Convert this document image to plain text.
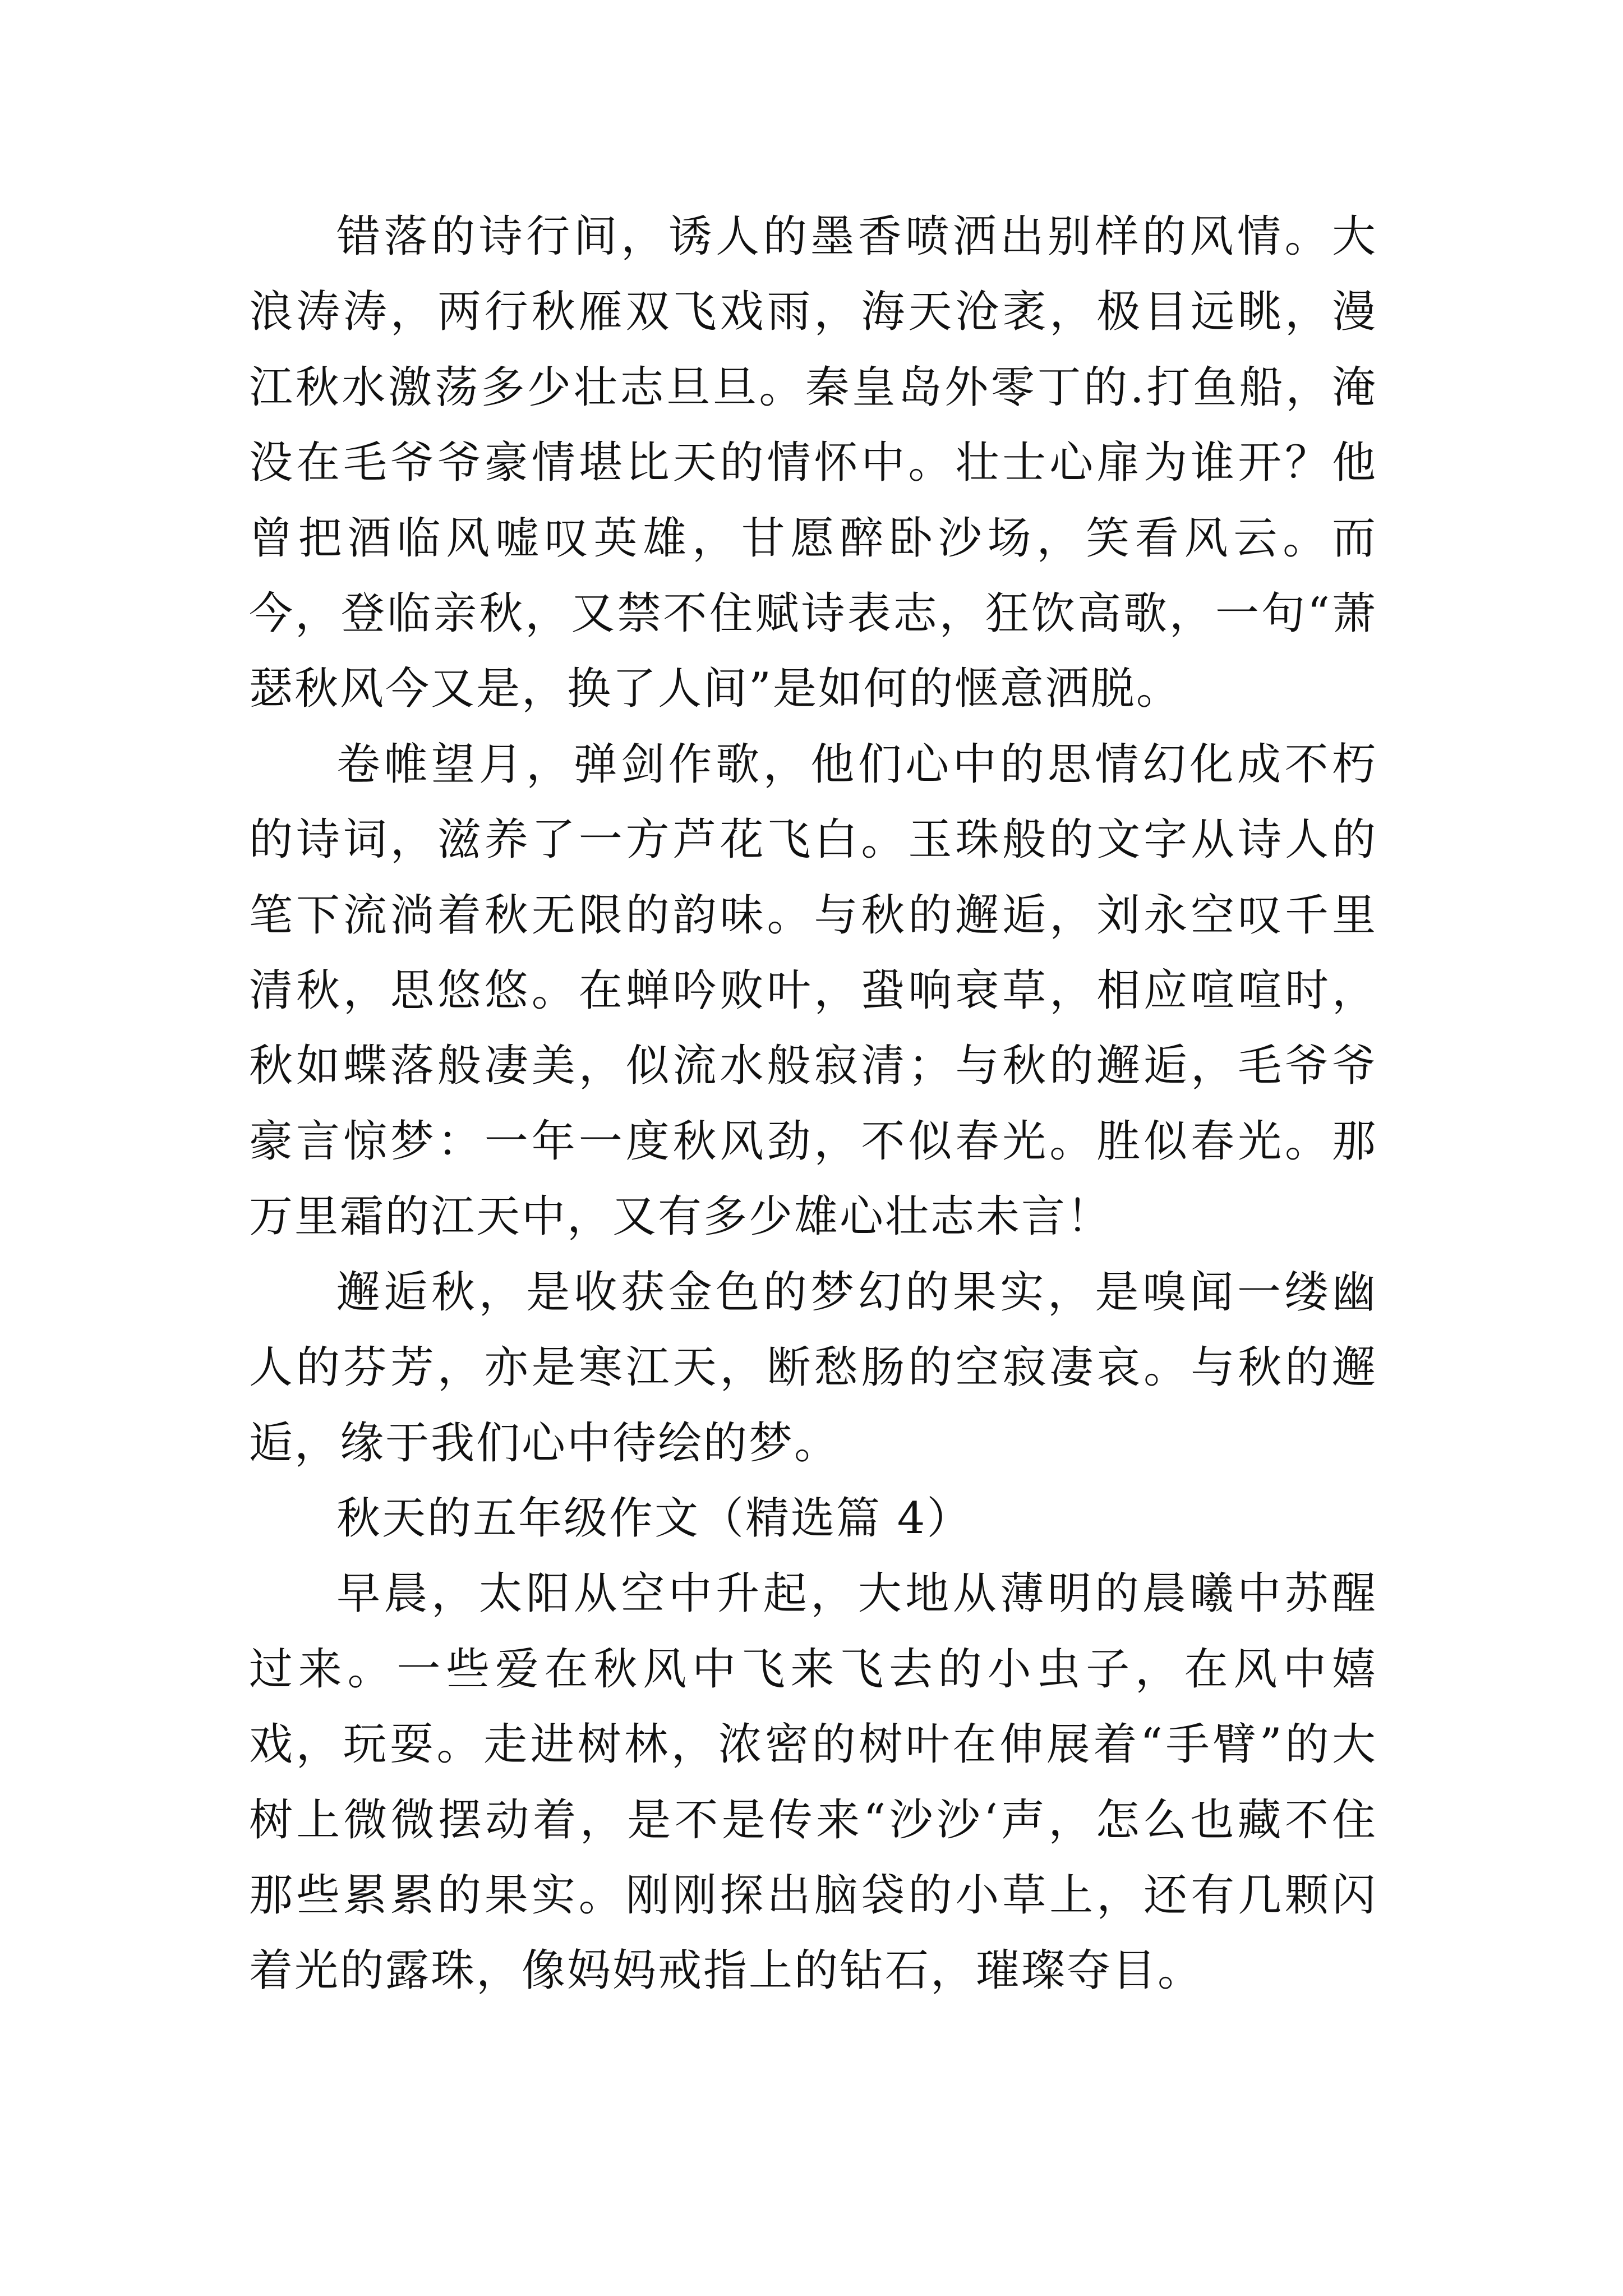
错落的诗行间，诱人的墨香喷洒出别样的风情。大浪涛涛，两行秋雁双飞戏雨，海天沧袤，极目远眺，漫江秋水激荡多少壮志旦旦。秦皇岛外零丁的.打鱼船，淹没在毛爷爷豪情堪比天的情怀中。壮士心扉为谁开？他曾把酒临风嘘叹英雄，甘愿醉卧沙场，笑看风云。而今，登临亲秋，又禁不住赋诗表志，狂饮高歌，一句“萧瑟秋风今又是，换了人间”是如何的惬意洒脱。

卷帷望月，弹剑作歌，他们心中的思情幻化成不朽的诗词，滋养了一方芦花飞白。玉珠般的文字从诗人的笔下流淌着秋无限的韵味。与秋的邂逅，刘永空叹千里清秋，思悠悠。在蝉吟败叶，蛩响衰草，相应喧喧时，秋如蝶落般凄美，似流水般寂清；与秋的邂逅，毛爷爷豪言惊梦：一年一度秋风劲，不似春光。胜似春光。那万里霜的江天中，又有多少雄心壮志未言！

邂逅秋，是收获金色的梦幻的果实，是嗅闻一缕幽人的芬芳，亦是寒江天，断愁肠的空寂凄哀。与秋的邂逅，缘于我们心中待绘的梦。

秋天的五年级作文（精选篇 4）

早晨，太阳从空中升起，大地从薄明的晨曦中苏醒过来。一些爱在秋风中飞来飞去的小虫子，在风中嬉戏，玩耍。走进树林，浓密的树叶在伸展着“手臂”的大树上微微摆动着，是不是传来“沙沙‘声，怎么也藏不住那些累累的果实。刚刚探出脑袋的小草上，还有几颗闪着光的露珠，像妈妈戒指上的钻石，璀璨夺目。
